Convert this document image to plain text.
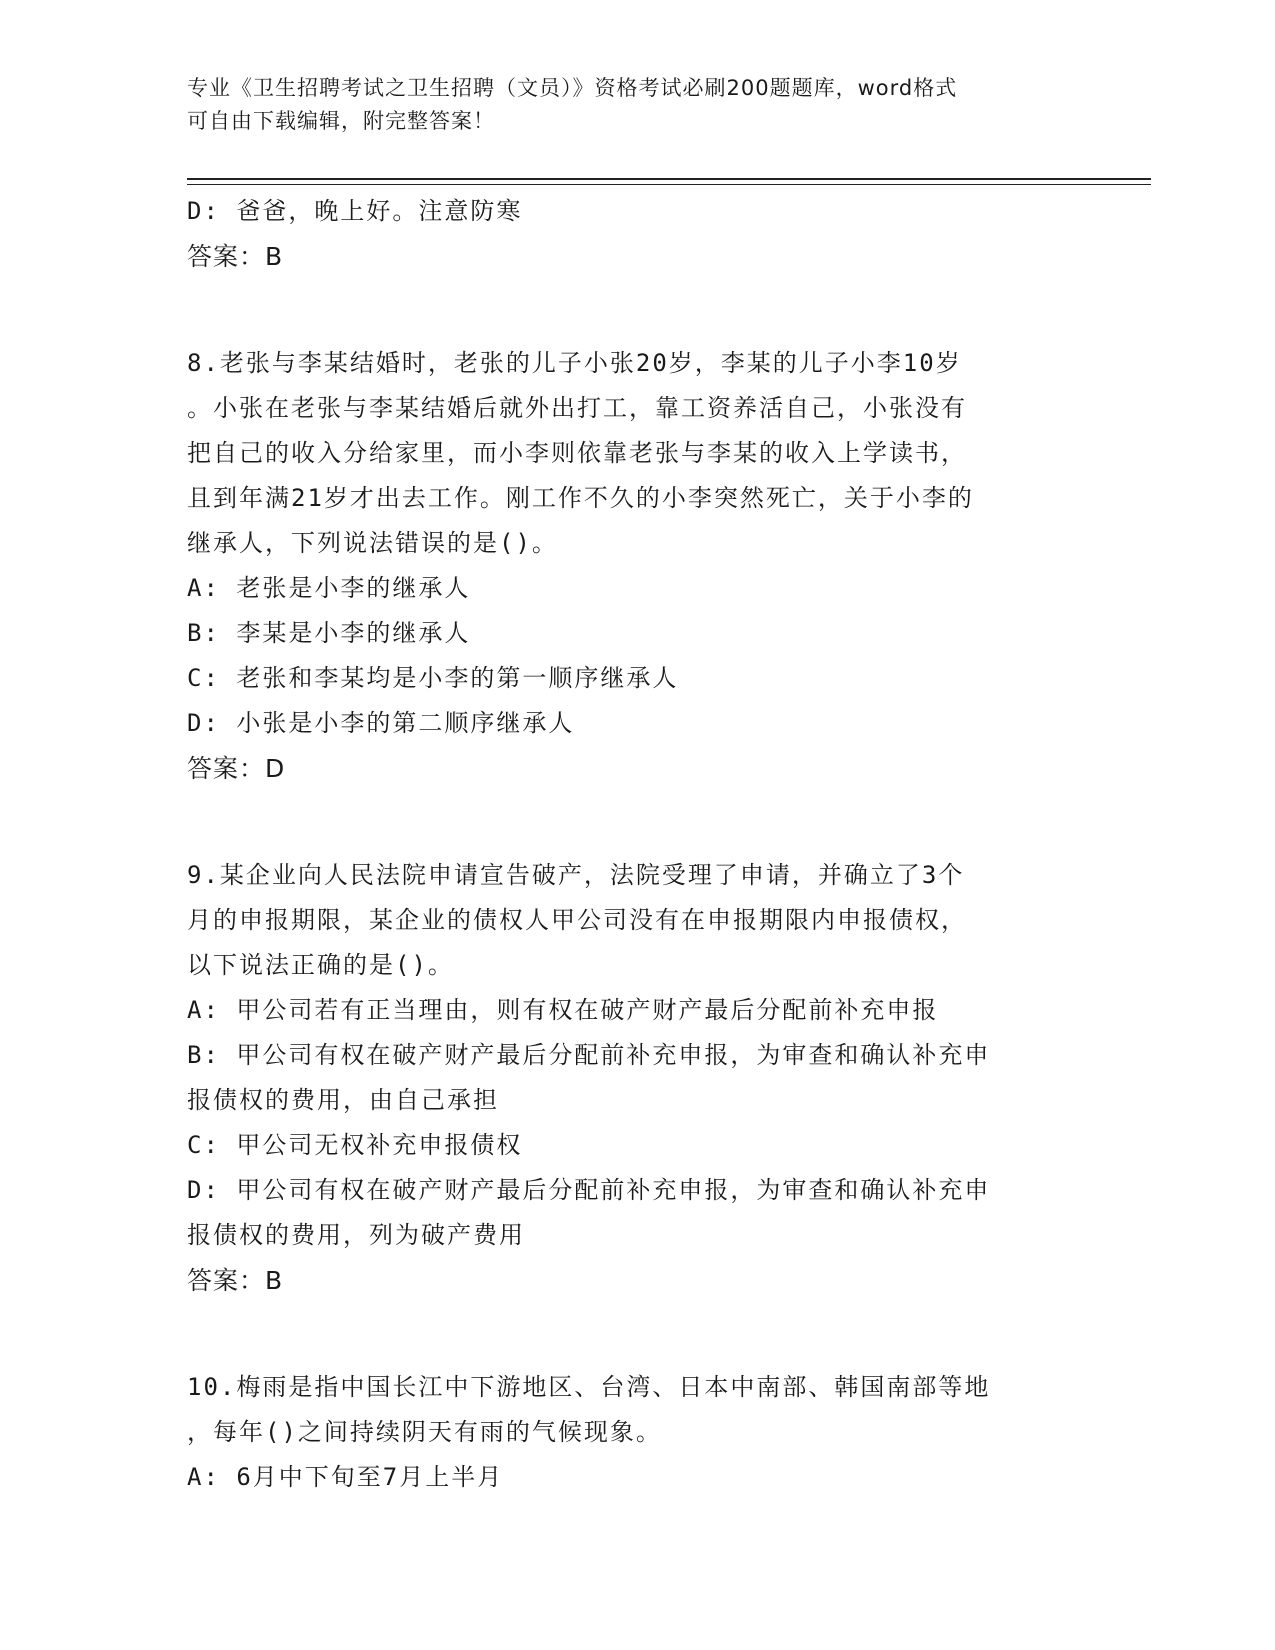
专业《卫生招聘考试之卫生招聘（文员）》资格考试必刷200题题库，word格式
可自由下载编辑，附完整答案！
D: 爸爸，晚上好。注意防寒
答案：B
8.老张与李某结婚时，老张的儿子小张20岁，李某的儿子小李10岁
。小张在老张与李某结婚后就外出打工，靠工资养活自己，小张没有
把自己的收入分给家里，而小李则依靠老张与李某的收入上学读书，
且到年满21岁才出去工作。刚工作不久的小李突然死亡，关于小李的
继承人，下列说法错误的是()。
A: 老张是小李的继承人
B: 李某是小李的继承人
C: 老张和李某均是小李的第一顺序继承人
D: 小张是小李的第二顺序继承人
答案：D
9.某企业向人民法院申请宣告破产，法院受理了申请，并确立了3个
月的申报期限，某企业的债权人甲公司没有在申报期限内申报债权，
以下说法正确的是()。
A: 甲公司若有正当理由，则有权在破产财产最后分配前补充申报
B: 甲公司有权在破产财产最后分配前补充申报，为审查和确认补充申
报债权的费用，由自己承担
C: 甲公司无权补充申报债权
D: 甲公司有权在破产财产最后分配前补充申报，为审查和确认补充申
报债权的费用，列为破产费用
答案：B
10.梅雨是指中国长江中下游地区、台湾、日本中南部、韩国南部等地
，每年()之间持续阴天有雨的气候现象。
A: 6月中下旬至7月上半月
